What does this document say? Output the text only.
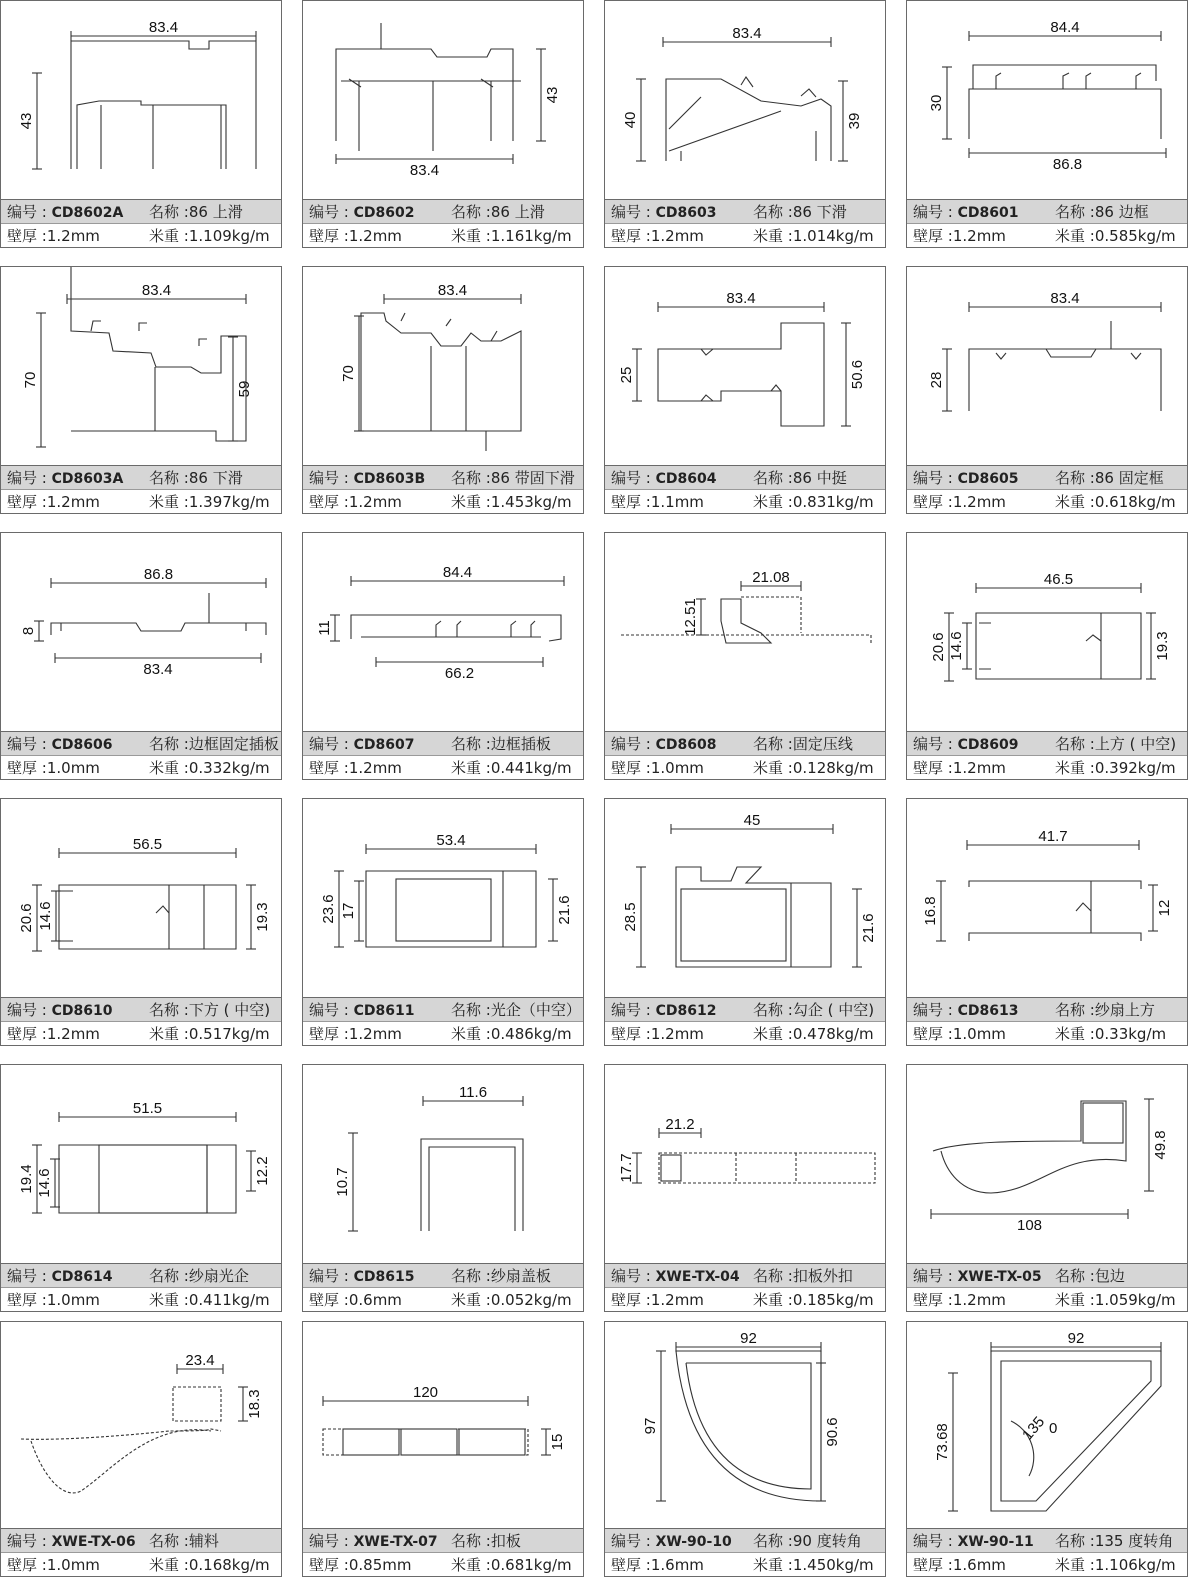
83.4
43
编号 : CD8602A	名称 :86 上滑
壁厚 :1.2mm	米重 :1.109kg/m
43
83.4
编号 : CD8602	名称 :86 上滑
壁厚 :1.2mm	米重 :1.161kg/m
83.4
40	39
编号 : CD8603	名称 :86 下滑
壁厚 :1.2mm	米重 :1.014kg/m
84.4
30
86.8
编号 : CD8601	名称 :86 边框
壁厚 :1.2mm	米重 :0.585kg/m
83.4
70
59
编号 : CD8603A	名称 :86 下滑
壁厚 :1.2mm	米重 :1.397kg/m
83.4
70
编号 : CD8603B	名称 :86 带固下滑
壁厚 :1.2mm	米重 :1.453kg/m
83.4
25	50.6
编号 : CD8604	名称 :86 中挺
壁厚 :1.1mm	米重 :0.831kg/m
83.4
28
编号 : CD8605	名称 :86 固定框
壁厚 :1.2mm	米重 :0.618kg/m
86.8
8
83.4
编号 : CD8606	名称 :边框固定插板
壁厚 :1.0mm	米重 :0.332kg/m
84.4
11
66.2
编号 : CD8607	名称 :边框插板
壁厚 :1.2mm	米重 :0.441kg/m
21.08
12.51
编号 : CD8608	名称 :固定压线
壁厚 :1.0mm	米重 :0.128kg/m
46.5
20.6 14.6	19.3
编号 : CD8609	名称 :上方 ( 中空)
壁厚 :1.2mm	米重 :0.392kg/m
56.5
20.6 14.6	19.3
编号 : CD8610	名称 :下方 ( 中空)
壁厚 :1.2mm	米重 :0.517kg/m
53.4
23.6 17	21.6
编号 : CD8611	名称 :光企（中空）
壁厚 :1.2mm	米重 :0.486kg/m
45
28.5	21.6
编号 : CD8612	名称 :勾企 ( 中空)
壁厚 :1.2mm	米重 :0.478kg/m
41.7
16.8	12
编号 : CD8613	名称 :纱扇上方
壁厚 :1.0mm	米重 :0.33kg/m
51.5
19.4 14.6	12.2
编号 : CD8614	名称 :纱扇光企
壁厚 :1.0mm	米重 :0.411kg/m
11.6
10.7
编号 : CD8615	名称 :纱扇盖板
壁厚 :0.6mm	米重 :0.052kg/m
21.2
17.7
编号 : XWE-TX-04 名称 :扣板外扣
壁厚 :1.2mm	米重 :0.185kg/m
49.8
108
编号 : XWE-TX-05 名称 :包边
壁厚 :1.2mm	米重 :1.059kg/m
23.4
18.3
编号 : XWE-TX-06 名称 :辅料
壁厚 :1.0mm	米重 :0.168kg/m
120
15
编号 : XWE-TX-07 名称 :扣板
壁厚 :0.85mm	米重 :0.681kg/m
92
97	90.6
编号 : XW-90-10	名称 :90 度转角
壁厚 :1.6mm	米重 :1.450kg/m
135 0
92
73.68
编号 : XW-90-11	名称 :135 度转角
壁厚 :1.6mm	米重 :1.106kg/m
